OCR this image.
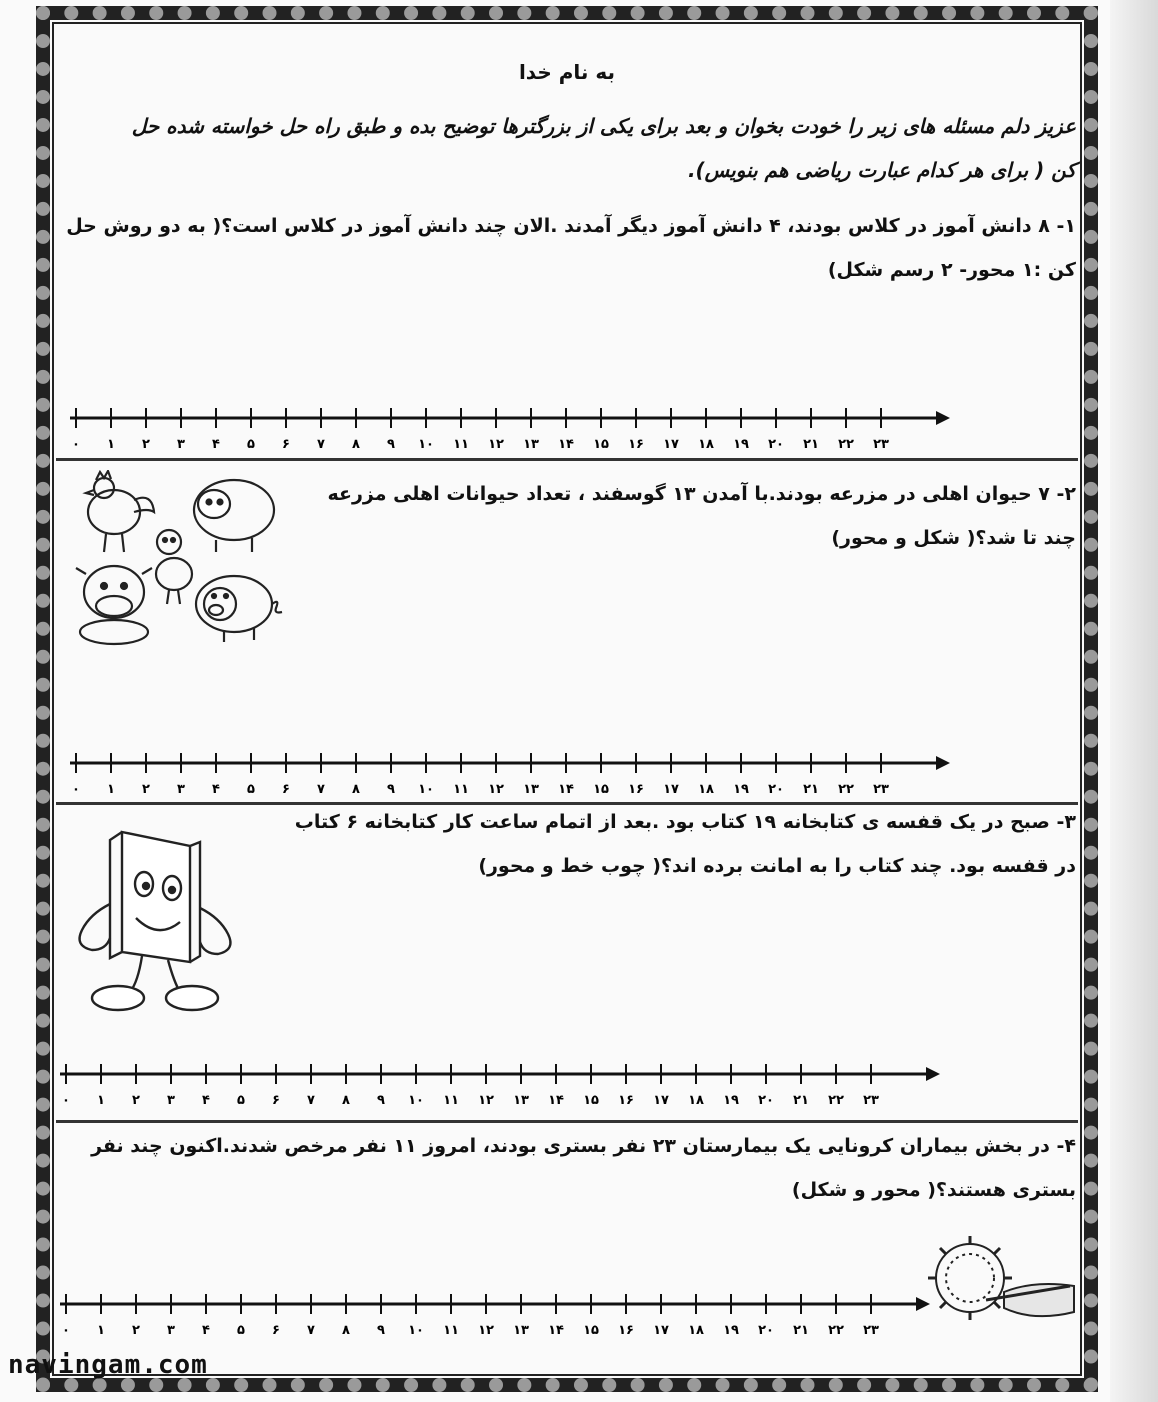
به نام خدا
عزیز دلم مسئله های زیر را خودت بخوان و بعد برای یکی از بزرگترها توضیح بده و طبق راه حل خواسته شده حل
کن ( برای هر کدام عبارت ریاضی هم بنویس).
۱- ۸ دانش آموز در کلاس بودند، ۴ دانش آموز دیگر آمدند .الان چند دانش آموز در کلاس است؟( به دو روش حل
کن :۱ محور- ۲ رسم شکل)
۰ ۱ ۲ ۳ ۴ ۵ ۶ ۷ ۸ ۹ ۱۰ ۱۱ ۱۲ ۱۳ ۱۴ ۱۵ ۱۶ ۱۷ ۱۸ ۱۹ ۲۰ ۲۱ ۲۲ ۲۳
۲- ۷ حیوان اهلی در مزرعه بودند.با آمدن ۱۳ گوسفند ، تعداد حیوانات اهلی مزرعه
چند تا شد؟( شکل و محور)
۰ ۱ ۲ ۳ ۴ ۵ ۶ ۷ ۸ ۹ ۱۰ ۱۱ ۱۲ ۱۳ ۱۴ ۱۵ ۱۶ ۱۷ ۱۸ ۱۹ ۲۰ ۲۱ ۲۲ ۲۳
۳- صبح در یک قفسه ی کتابخانه ۱۹ کتاب بود .بعد از اتمام ساعت کار کتابخانه ۶ کتاب
در قفسه بود. چند کتاب را به امانت برده اند؟( چوب خط و محور)
۰ ۱ ۲ ۳ ۴ ۵ ۶ ۷ ۸ ۹ ۱۰ ۱۱ ۱۲ ۱۳ ۱۴ ۱۵ ۱۶ ۱۷ ۱۸ ۱۹ ۲۰ ۲۱ ۲۲ ۲۳
۴- در بخش بیماران کرونایی یک بیمارستان ۲۳ نفر بستری بودند، امروز ۱۱ نفر مرخص شدند.اکنون چند نفر
بستری هستند؟( محور و شکل)
۰ ۱ ۲ ۳ ۴ ۵ ۶ ۷ ۸ ۹ ۱۰ ۱۱ ۱۲ ۱۳ ۱۴ ۱۵ ۱۶ ۱۷ ۱۸ ۱۹ ۲۰ ۲۱ ۲۲ ۲۳
navingam.com
